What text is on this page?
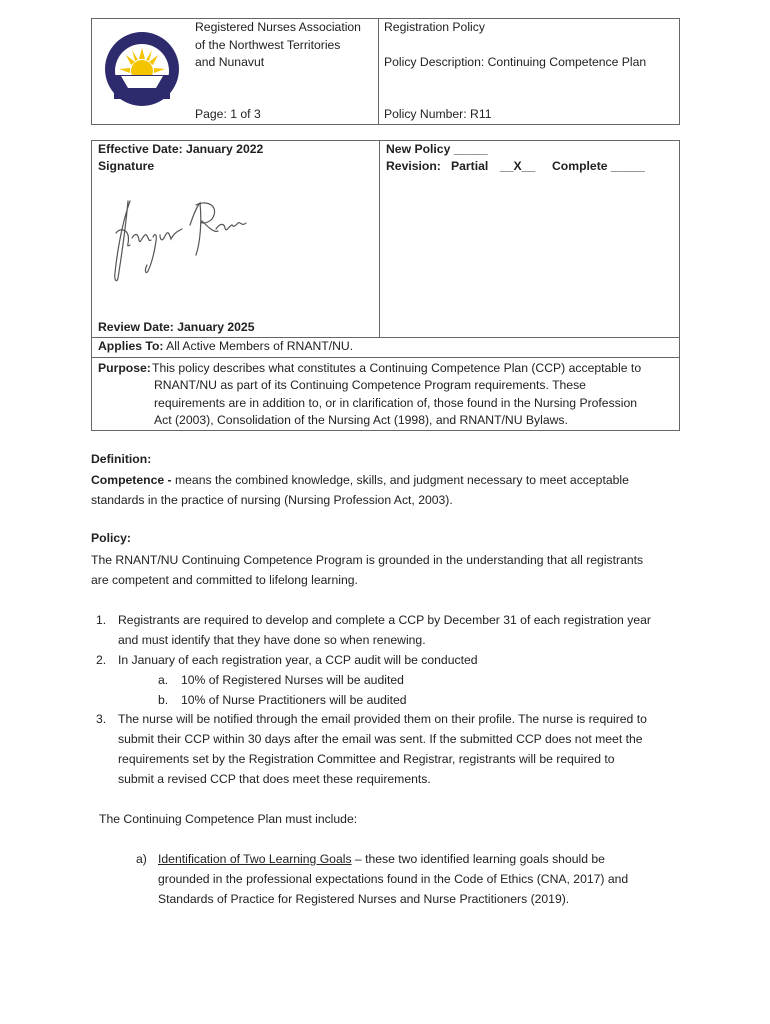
Registered Nurses Association
of the Northwest Territories
and Nunavut
Page: 1 of 3
Registration Policy
Policy Description: Continuing Competence Plan
Policy Number: R11
Effective Date: January 2022
Signature
New Policy _____
Revision: Partial __X__ Complete _____
Review Date: January 2025
Applies To: All Active Members of RNANT/NU.
Purpose: This policy describes what constitutes a Continuing Competence Plan (CCP) acceptable to
RNANT/NU as part of its Continuing Competence Program requirements. These
requirements are in addition to, or in clarification of, those found in the Nursing Profession
Act (2003), Consolidation of the Nursing Act (1998), and RNANT/NU Bylaws.
Definition:
Competence - means the combined knowledge, skills, and judgment necessary to meet acceptable
standards in the practice of nursing (Nursing Profession Act, 2003).
Policy:
The RNANT/NU Continuing Competence Program is grounded in the understanding that all registrants
are competent and committed to lifelong learning.
1. Registrants are required to develop and complete a CCP by December 31 of each registration year
and must identify that they have done so when renewing.
2. In January of each registration year, a CCP audit will be conducted
a. 10% of Registered Nurses will be audited
b. 10% of Nurse Practitioners will be audited
3. The nurse will be notified through the email provided them on their profile. The nurse is required to
submit their CCP within 30 days after the email was sent. If the submitted CCP does not meet the
requirements set by the Registration Committee and Registrar, registrants will be required to
submit a revised CCP that does meet these requirements.
The Continuing Competence Plan must include:
a) Identification of Two Learning Goals – these two identified learning goals should be
grounded in the professional expectations found in the Code of Ethics (CNA, 2017) and
Standards of Practice for Registered Nurses and Nurse Practitioners (2019).
